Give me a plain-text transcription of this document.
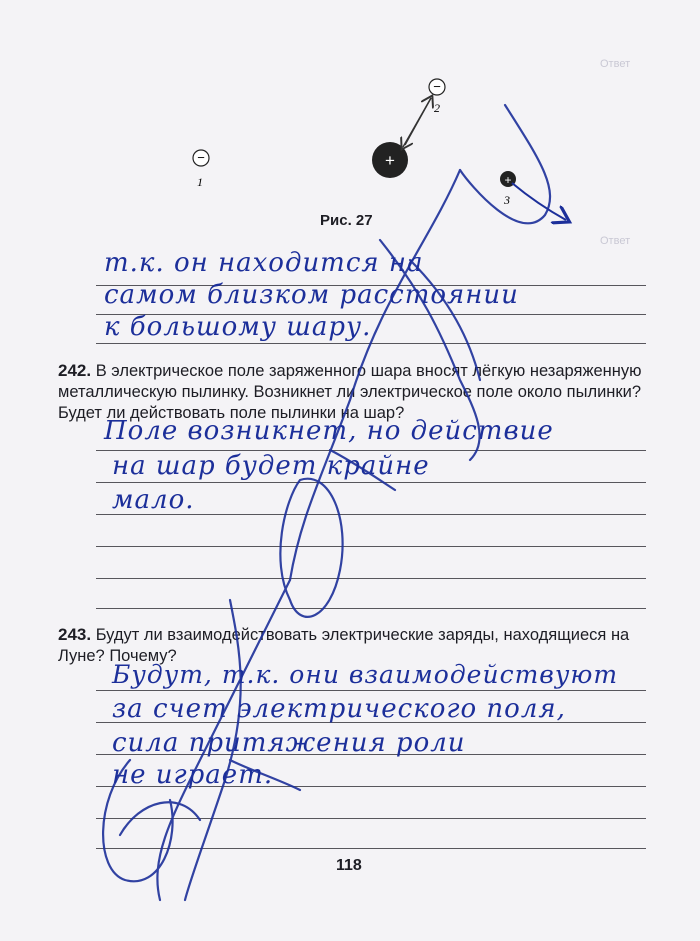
Ответ
Ответ

−
1
−
2
+
+
3
Рис. 27
т.к. он находится на
самом близком расстоянии
к большому шару.
242. В электрическое поле заряженного шара вносят лёгкую незаряженную металлическую пылинку. Возникнет ли электрическое поле около пылинки? Будет ли действовать поле пылинки на шар?
Поле возникнет, но действие
на шар будет крайне
мало.
243. Будут ли взаимодействовать электрические заряды, находящиеся на Луне? Почему?
Будут, т.к. они взаимодействуют
за счет электрического поля,
сила притяжения роли
не играет.
118
